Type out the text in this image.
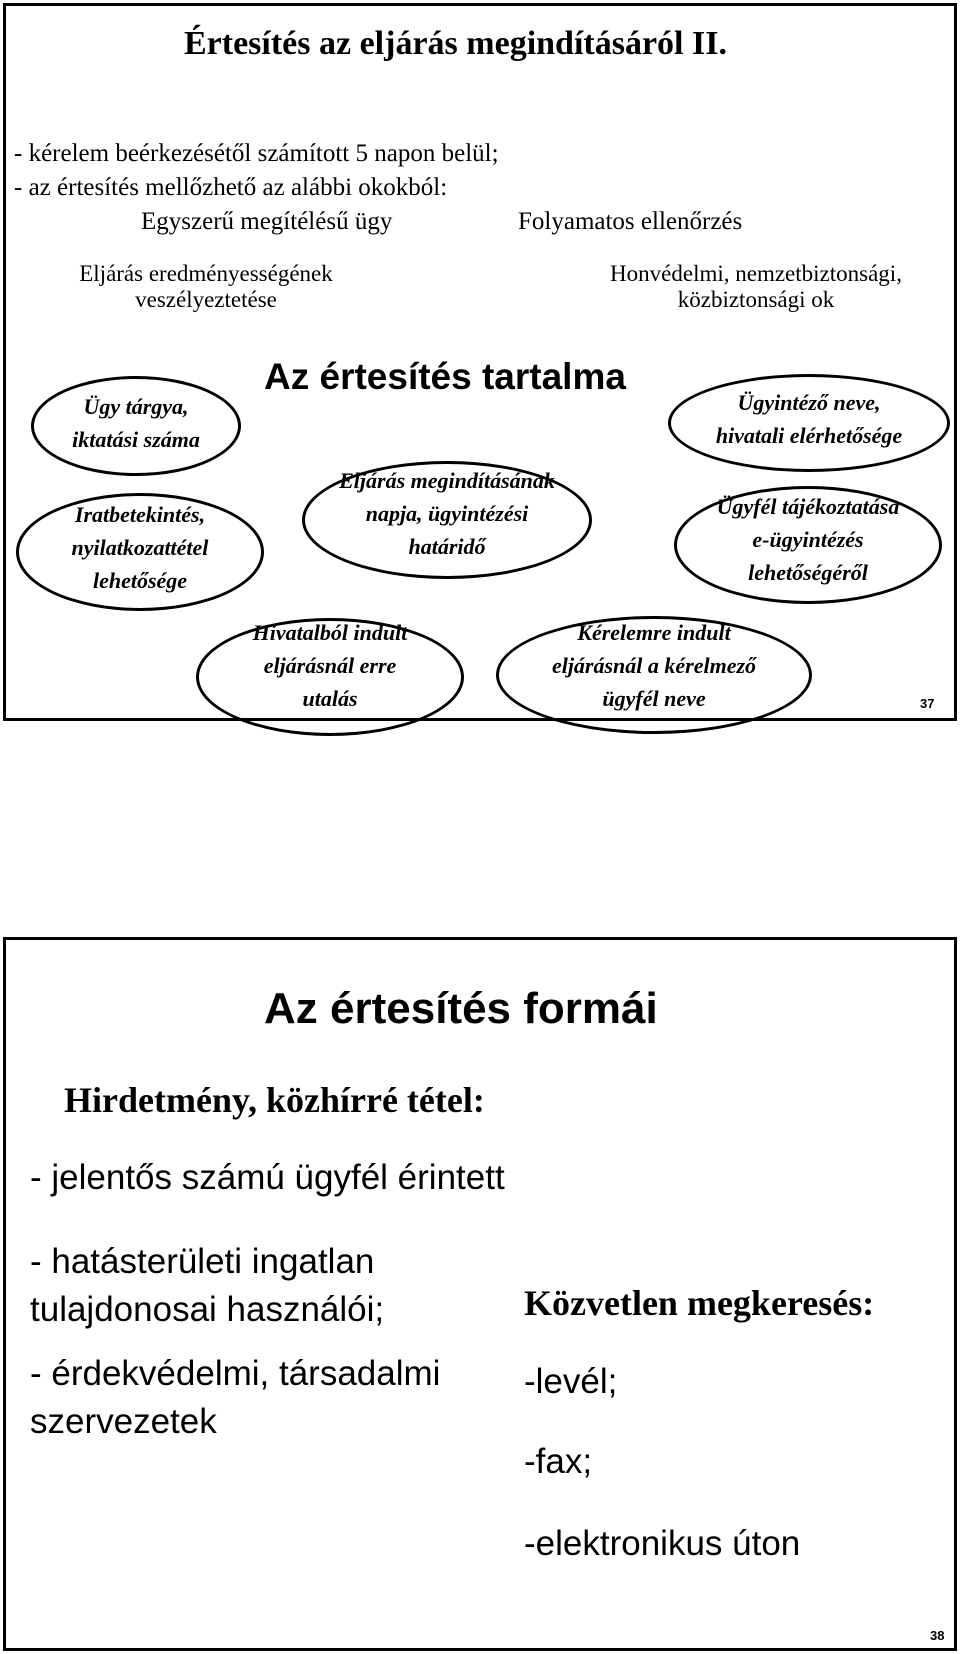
Értesítés az eljárás megindításáról II.
- kérelem beérkezésétől számított 5 napon belül;
- az értesítés mellőzhető az alábbi okokból:
Egyszerű megítélésű ügy	Folyamatos ellenőrzés
Eljárás eredményességének
veszélyeztetése
Honvédelmi, nemzetbiztonsági,
közbiztonsági ok
Az értesítés tartalma
Ügy tárgya,
iktatási száma
Iratbetekintés,
nyilatkozattétel
lehetősége
Eljárás megindításának
napja, ügyintézési
határidő
Hivatalból indult
eljárásnál erre
utalás
Kérelemre indult
eljárásnál a kérelmező
ügyfél neve
Ügyintéző neve,
hivatali elérhetősége
Ügyfél tájékoztatása
e-ügyintézés
lehetőségéről
37
Az értesítés formái
Hirdetmény, közhírré tétel:
- jelentős számú ügyfél érintett
- hatásterületi ingatlan
tulajdonosai használói;
- érdekvédelmi, társadalmi
szervezetek
Közvetlen megkeresés:
-levél;
-fax;
-elektronikus úton
38
